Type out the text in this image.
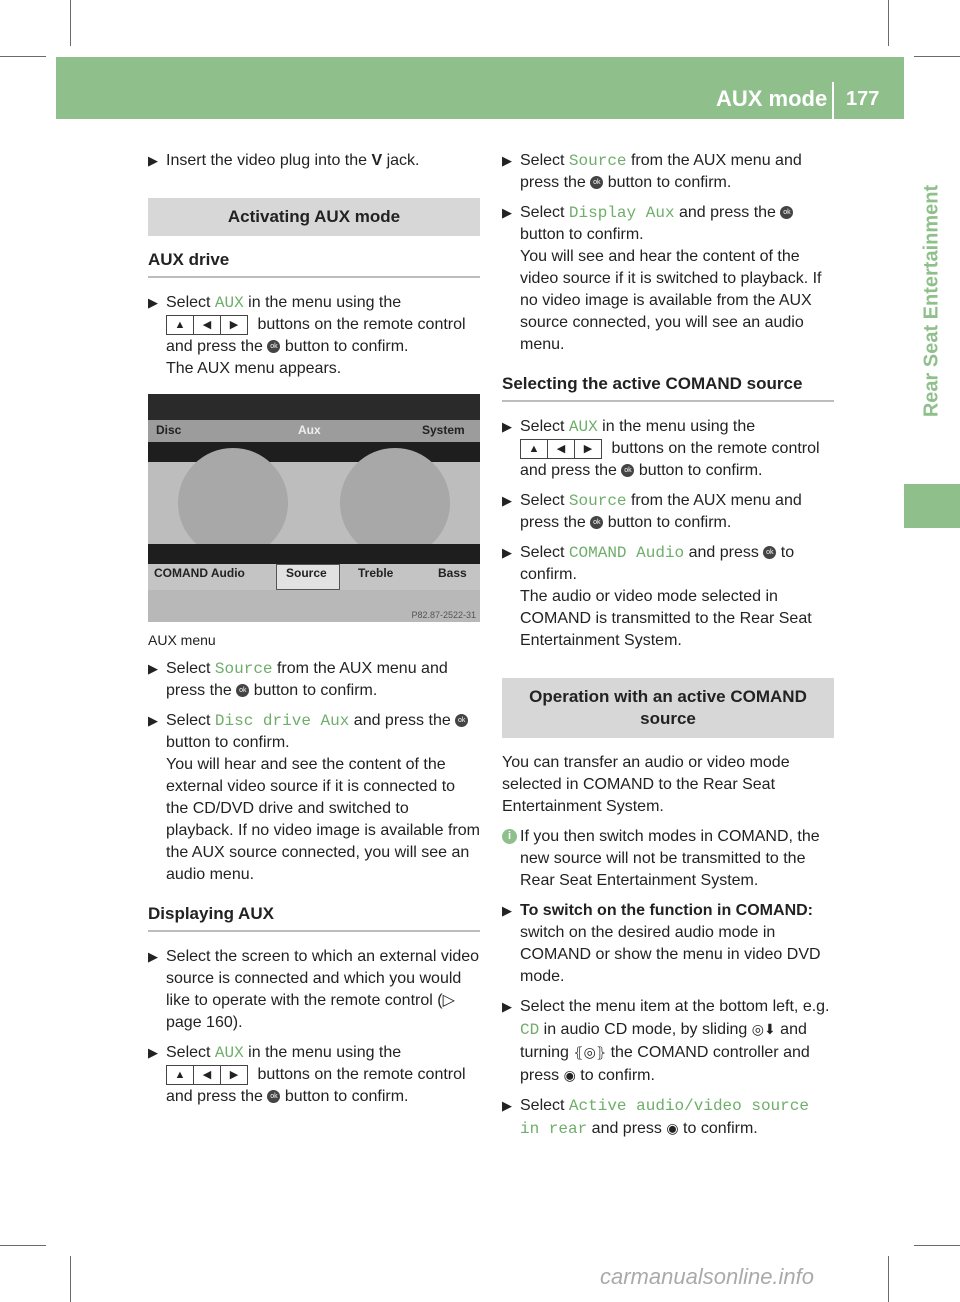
AUX mode 177
Rear Seat Entertainment
▶ Insert the video plug into the V jack.
Activating AUX mode
AUX drive
▶ Select AUX in the menu using the

▲	◀	▶ buttons on the remote control and press the ok button to confirm.
The AUX menu appears.
Disc	Aux	System
COMAND Audio	Source	Treble	Bass
P82.87-2522-31
AUX menu
▶ Select Source from the AUX menu and press the ok button to confirm.
▶ Select Disc drive Aux and press the ok button to confirm.
You will hear and see the content of the external video source if it is connected to the CD/DVD drive and switched to playback. If no video image is available from the AUX source connected, you will see an audio menu.
Displaying AUX
▶ Select the screen to which an external video source is connected and which you would like to operate with the remote control (▷ page 160).
▶ Select AUX in the menu using the

▲	◀	▶ buttons on the remote control and press the ok button to confirm.
▶ Select Source from the AUX menu and press the ok button to confirm.
▶ Select Display Aux and press the ok button to confirm.
You will see and hear the content of the video source if it is switched to playback. If no video image is available from the AUX source connected, you will see an audio menu.
Selecting the active COMAND source
▶ Select AUX in the menu using the

▲	◀	▶ buttons on the remote control and press the ok button to confirm.
▶ Select Source from the AUX menu and press the ok button to confirm.
▶ Select COMAND Audio and press ok to confirm.
The audio or video mode selected in COMAND is transmitted to the Rear Seat Entertainment System.
Operation with an active COMAND source
You can transfer an audio or video mode selected in COMAND to the Rear Seat Entertainment System.
i If you then switch modes in COMAND, the new source will not be transmitted to the Rear Seat Entertainment System.
▶ To switch on the function in COMAND:
switch on the desired audio mode in COMAND or show the menu in video DVD mode.
▶ Select the menu item at the bottom left, e.g. CD in audio CD mode, by sliding ◎⬇ and turning ⦃◎⦄ the COMAND controller and press ◉ to confirm.
▶ Select Active audio/video source in rear and press ◉ to confirm.
carmanualsonline.info
